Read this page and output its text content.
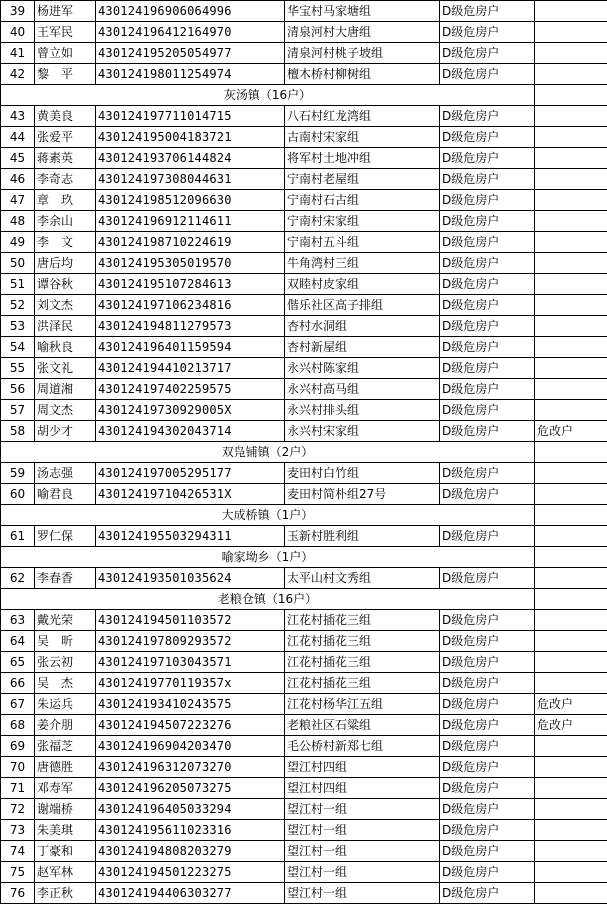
39	杨进军	430124196906064996	华宝村马家塘组	D级危房户	
40	王军民	430124196412164970	清泉河村大唐组	D级危房户	
41	曾立如	430124195205054977	清泉河村桃子坡组	D级危房户	
42	黎　平	430124198011254974	檀木桥村柳树组	D级危房户	
灰汤镇（16户）					
43	黄美良	430124197711014715	八石村红龙湾组	D级危房户	
44	张爱平	430124195004183721	古南村宋家组	D级危房户	
45	蒋素英	430124193706144824	将军村土地冲组	D级危房户	
46	李奇志	430124197308044631	宁南村老屋组	D级危房户	
47	章　玖	430124198512096630	宁南村石古组	D级危房户	
48	李余山	430124196912114611	宁南村宋家组	D级危房户	
49	李　文	430124198710224619	宁南村五斗组	D级危房户	
50	唐后均	430124195305019570	牛角湾村三组	D级危房户	
51	谭谷秋	430124195107284613	双睦村皮家组	D级危房户	
52	刘文杰	430124197106234816	偕乐社区高子排组	D级危房户	
53	洪泽民	430124194811279573	杏村水洞组	D级危房户	
54	喻秋良	430124196401159594	杏村新屋组	D级危房户	
55	张文礼	430124194410213717	永兴村陈家组	D级危房户	
56	周道湘	430124197402259575	永兴村高马组	D级危房户	
57	周文杰	43012419730929005X	永兴村排头组	D级危房户	
58	胡少才	430124194302043714	永兴村宋家组	D级危房户	危改户
双凫铺镇（2户）					
59	汤志强	430124197005295177	麦田村白竹组	D级危房户	
60	喻君良	43012419710426531X	麦田村简朴组27号	D级危房户	
大成桥镇（1户）					
61	罗仁保	430124195503294311	玉新村胜利组	D级危房户	
喻家坳乡（1户）					
62	李春香	430124193501035624	太平山村文秀组	D级危房户	
老粮仓镇（16户）					
63	戴光荣	430124194501103572	江花村插花三组	D级危房户	
64	吴　昕	430124197809293572	江花村插花三组	D级危房户	
65	张云初	430124197103043571	江花村插花三组	D级危房户	
66	吴　杰	43012419770119357x	江花村插花三组	D级危房户	
67	朱运兵	430124193410243575	江花村杨华江五组	D级危房户	危改户
68	姜介朋	430124194507223276	老粮社区石粱组	D级危房户	危改户
69	张福芝	430124196904203470	毛公桥村新郑七组	D级危房户	
70	唐德胜	430124196312073270	望江村四组	D级危房户	
71	邓寿军	430124196205073275	望江村四组	D级危房户	
72	谢端桥	430124196405033294	望江村一组	D级危房户	
73	朱美琪	430124195611023316	望江村一组	D级危房户	
74	丁豪和	430124194808203279	望江村一组	D级危房户	
75	赵军林	430124194501223275	望江村一组	D级危房户	
76	李正秋	430124194406303277	望江村一组	D级危房户	
